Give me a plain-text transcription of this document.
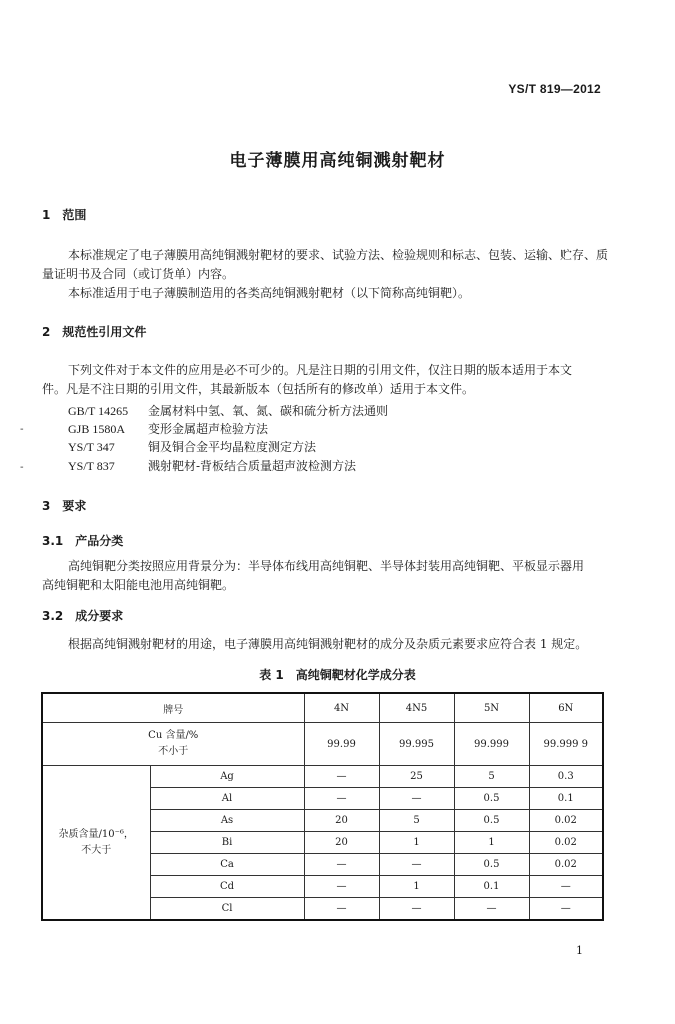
YS/T 819—2012
电子薄膜用高纯铜溅射靶材
1　范围
本标准规定了电子薄膜用高纯铜溅射靶材的要求、试验方法、检验规则和标志、包装、运输、贮存、质
量证明书及合同（或订货单）内容。
本标准适用于电子薄膜制造用的各类高纯铜溅射靶材（以下简称高纯铜靶）。
2　规范性引用文件
下列文件对于本文件的应用是必不可少的。凡是注日期的引用文件，仅注日期的版本适用于本文
件。凡是不注日期的引用文件，其最新版本（包括所有的修改单）适用于本文件。
GB/T 14265 金属材料中氢、氧、氮、碳和硫分析方法通则
GJB 1580A 变形金属超声检验方法
YS/T 347	铜及铜合金平均晶粒度测定方法
YS/T 837	溅射靶材-背板结合质量超声波检测方法
-
-
3　要求
3.1　产品分类
高纯铜靶分类按照应用背景分为：半导体布线用高纯铜靶、半导体封装用高纯铜靶、平板显示器用
高纯铜靶和太阳能电池用高纯铜靶。
3.2　成分要求
根据高纯铜溅射靶材的用途，电子薄膜用高纯铜溅射靶材的成分及杂质元素要求应符合表 1 规定。
表 1　高纯铜靶材化学成分表
牌号		4N	4N5	5N	6N

Cu 含量/%
不小于		99.99	99.995	99.999	99.999 9

杂质含量/10⁻⁶，
不大于	Ag	—	25	5	0.3
	Al	—	—	0.5	0.1
	As	20	5	0.5	0.02
	Bi	20	1	1	0.02
	Ca	—	—	0.5	0.02
	Cd	—	1	0.1	—
	Cl	—	—	—	—
1
